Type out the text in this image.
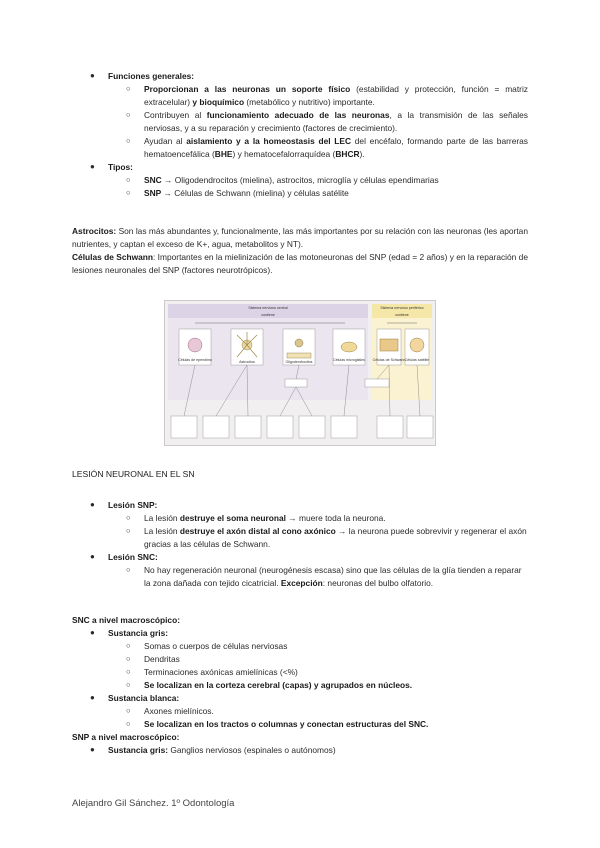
● Funciones generales:
○ Proporcionan a las neuronas un soporte físico (estabilidad y protección, función = matriz extracelular) y bioquímico (metabólico y nutritivo) importante.
○ Contribuyen al funcionamiento adecuado de las neuronas, a la transmisión de las señales nerviosas, y a su reparación y crecimiento (factores de crecimiento).
○ Ayudan al aislamiento y a la homeostasis del LEC del encéfalo, formando parte de las barreras hematoencefálica (BHE) y hematocefalorraquídea (BHCR).
● Tipos:
○ SNC → Oligodendrocitos (mielina), astrocitos, microglía y células ependimarias
○ SNP → Células de Schwann (mielina) y células satélite

Astrocitos: Son las más abundantes y, funcionalmente, las más importantes por su relación con las neuronas (les aportan nutrientes, y captan el exceso de K+, agua, metabolitos y NT).

Células de Schwann: Importantes en la mielinización de las motoneuronas del SNP (edad = 2 años) y en la reparación de lesiones neuronales del SNP (factores neurotrópicos).

Sistema nervioso central	Sistema nervioso periférico
contiene	contiene
Células de ependimo	Astrocitos	Oligodendrocitos	Células microgliales Células de Schwann Células satélite
LESIÓN NEURONAL EN EL SN
● Lesión SNP:
○ La lesión destruye el soma neuronal → muere toda la neurona.
○ La lesión destruye el axón distal al cono axónico → la neurona puede sobrevivir y regenerar el axón gracias a las células de Schwann.
● Lesión SNC:
○ No hay regeneración neuronal (neurogénesis escasa) sino que las células de la glía tienden a reparar la zona dañada con tejido cicatricial. Excepción: neuronas del bulbo olfatorio.
SNC a nivel macroscópico:
● Sustancia gris:
○ Somas o cuerpos de células nerviosas
○ Dendritas
○ Terminaciones axónicas amielínicas (<%)
○ Se localizan en la corteza cerebral (capas) y agrupados en núcleos.
● Sustancia blanca:
○ Axones mielínicos.
○ Se localizan en los tractos o columnas y conectan estructuras del SNC.
SNP a nivel macroscópico:
● Sustancia gris: Ganglios nerviosos (espinales o autónomos)
Alejandro Gil Sánchez. 1º Odontología
